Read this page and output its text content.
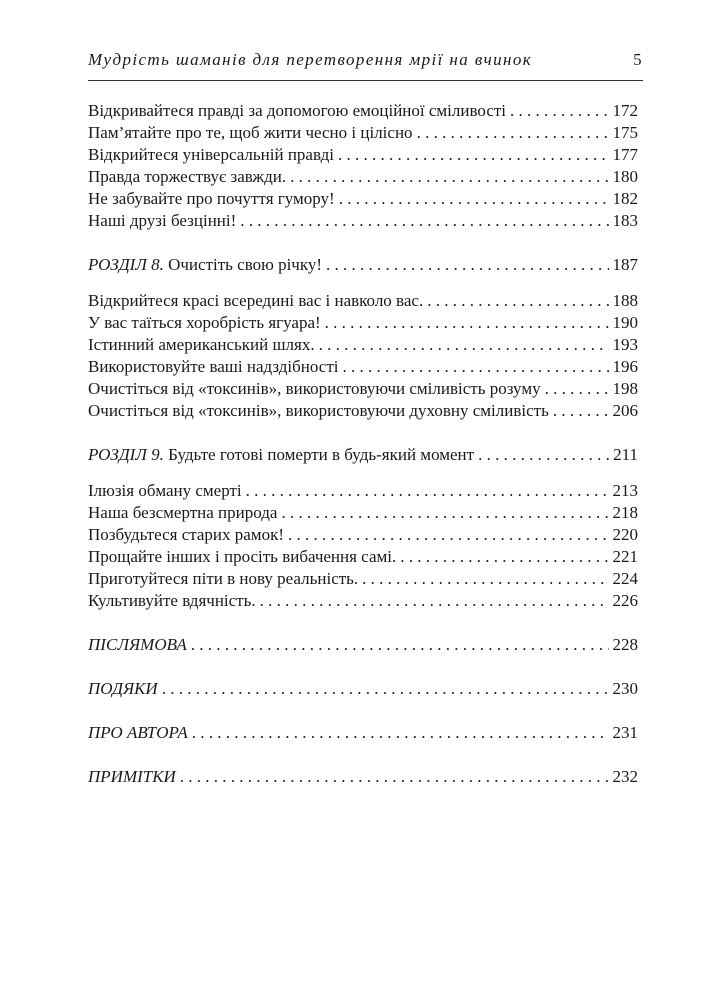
Мудрість шаманів для перетворення мрії на вчинок	5
Відкривайтеся правді за допомогою емоційної сміливості . . .	172
Пам’ятайте про те, щоб жити чесно і цілісно . . .	175
Відкрийтеся універсальній правді . . .	177
Правда торжествує завжди. . . .	180
Не забувайте про почуття гумору! . . .	182
Наші друзі безцінні! . . .	183
РОЗДІЛ 8. Очистіть свою річку! . . .	187
Відкрийтеся красі всередині вас і навколо вас. . . .	188
У вас таїться хоробрість ягуара! . . .	190
Істинний американський шлях. . . .	193
Використовуйте ваші надздібності . . .	196
Очистіться від «токсинів», використовуючи сміливість розуму . . .	198
Очистіться від «токсинів», використовуючи духовну сміливість . . .	206
РОЗДІЛ 9. Будьте готові померти в будь-який момент . . .	211
Ілюзія обману смерті . . .	213
Наша безсмертна природа . . .	218
Позбудьтеся старих рамок! . . .	220
Прощайте інших і просіть вибачення самі. . . .	221
Приготуйтеся піти в нову реальність. . . .	224
Культивуйте вдячність. . . .	226
ПІСЛЯМОВА . . .	228
ПОДЯКИ . . .	230
ПРО АВТОРА . . .	231
ПРИМІТКИ . . .	232
